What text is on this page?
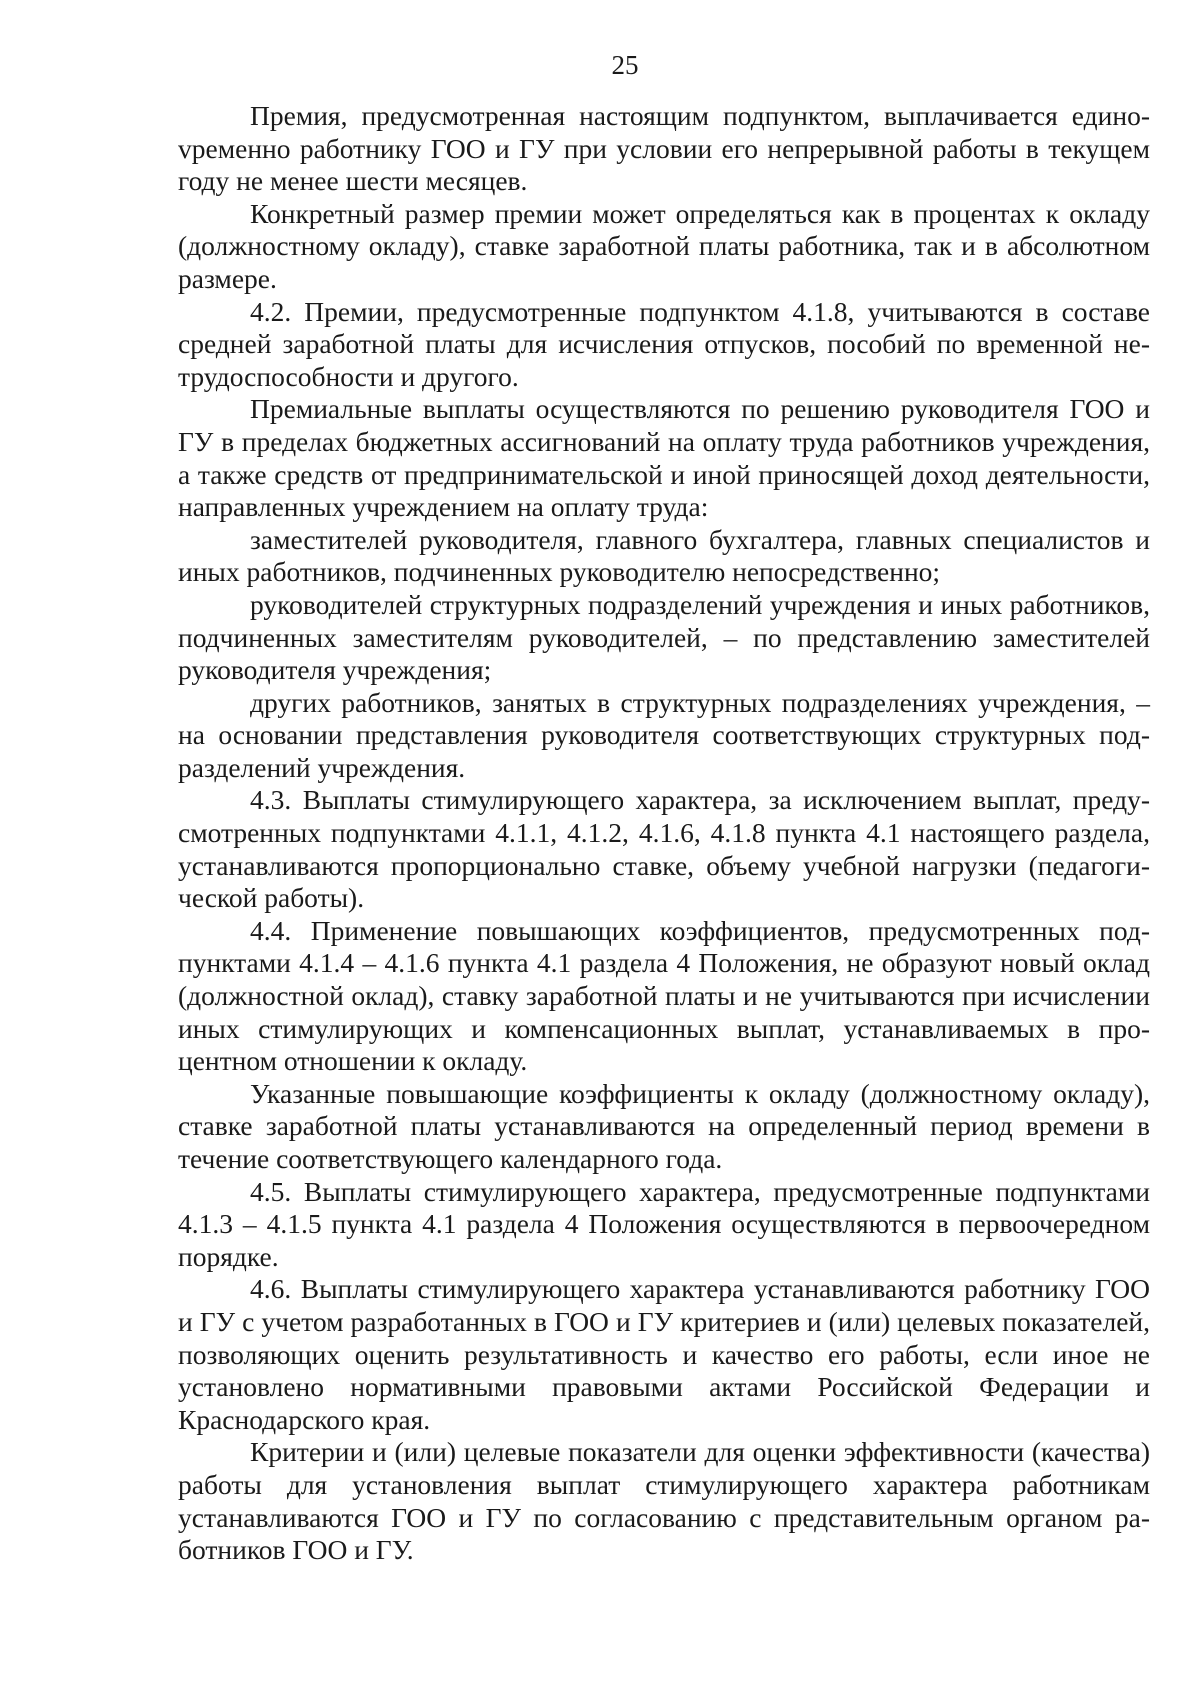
25

Премия, предусмотренная настоящим подпунктом, выплачивается единоvременно работнику ГОО и ГУ при условии его непрерывной работы в текущем году не менее шести месяцев.

Конкретный размер премии может определяться как в процентах к окладу (должностному окладу), ставке заработной платы работника, так и в абсолютном размере.

4.2. Премии, предусмотренные подпунктом 4.1.8, учитываются в составе средней заработной платы для исчисления отпусков, пособий по временной нетрудоспособности и другого.

Премиальные выплаты осуществляются по решению руководителя ГОО и ГУ в пределах бюджетных ассигнований на оплату труда работников учреждения, а также средств от предпринимательской и иной приносящей доход деятельности, направленных учреждением на оплату труда:

заместителей руководителя, главного бухгалтера, главных специалистов и иных работников, подчиненных руководителю непосредственно;

руководителей структурных подразделений учреждения и иных работников, подчиненных заместителям руководителей, – по представлению заместителей руководителя учреждения;

других работников, занятых в структурных подразделениях учреждения, – на основании представления руководителя соответствующих структурных подразделений учреждения.

4.3. Выплаты стимулирующего характера, за исключением выплат, предусмотренных подпунктами 4.1.1, 4.1.2, 4.1.6, 4.1.8 пункта 4.1 настоящего раздела, устанавливаются пропорционально ставке, объему учебной нагрузки (педагогической работы).

4.4. Применение повышающих коэффициентов, предусмотренных подпунктами 4.1.4 – 4.1.6 пункта 4.1 раздела 4 Положения, не образуют новый оклад (должностной оклад), ставку заработной платы и не учитываются при исчислении иных стимулирующих и компенсационных выплат, устанавливаемых в процентном отношении к окладу.

Указанные повышающие коэффициенты к окладу (должностному окладу), ставке заработной платы устанавливаются на определенный период времени в течение соответствующего календарного года.

4.5. Выплаты стимулирующего характера, предусмотренные подпунктами 4.1.3 – 4.1.5 пункта 4.1 раздела 4 Положения осуществляются в первоочередном порядке.

4.6. Выплаты стимулирующего характера устанавливаются работнику ГОО и ГУ с учетом разработанных в ГОО и ГУ критериев и (или) целевых показателей, позволяющих оценить результативность и качество его работы, если иное не установлено нормативными правовыми актами Российской Федерации и Краснодарского края.

Критерии и (или) целевые показатели для оценки эффективности (качества) работы для установления выплат стимулирующего характера работникам устанавливаются ГОО и ГУ по согласованию с представительным органом работников ГОО и ГУ.
